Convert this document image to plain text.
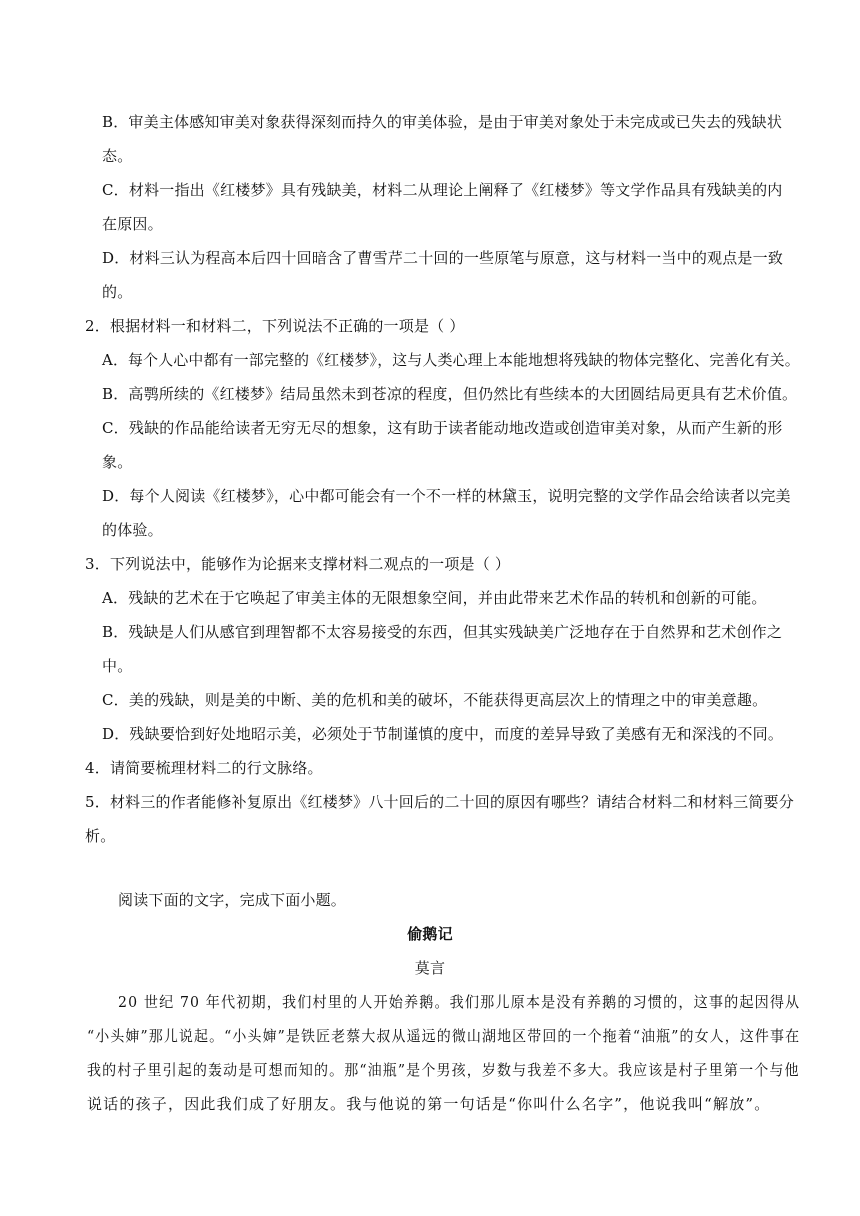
B．审美主体感知审美对象获得深刻而持久的审美体验，是由于审美对象处于未完成或已失去的残缺状
态。
C．材料一指出《红楼梦》具有残缺美，材料二从理论上阐释了《红楼梦》等文学作品具有残缺美的内
在原因。
D．材料三认为程高本后四十回暗含了曹雪芹二十回的一些原笔与原意，这与材料一当中的观点是一致
的。
2．根据材料一和材料二，下列说法不正确的一项是（ ）
A．每个人心中都有一部完整的《红楼梦》，这与人类心理上本能地想将残缺的物体完整化、完善化有关。
B．高鹗所续的《红楼梦》结局虽然未到苍凉的程度，但仍然比有些续本的大团圆结局更具有艺术价值。
C．残缺的作品能给读者无穷无尽的想象，这有助于读者能动地改造或创造审美对象，从而产生新的形
象。
D．每个人阅读《红楼梦》，心中都可能会有一个不一样的林黛玉，说明完整的文学作品会给读者以完美
的体验。
3．下列说法中，能够作为论据来支撑材料二观点的一项是（ ）
A．残缺的艺术在于它唤起了审美主体的无限想象空间，并由此带来艺术作品的转机和创新的可能。
B．残缺是人们从感官到理智都不太容易接受的东西，但其实残缺美广泛地存在于自然界和艺术创作之
中。
C．美的残缺，则是美的中断、美的危机和美的破坏，不能获得更高层次上的情理之中的审美意趣。
D．残缺要恰到好处地昭示美，必须处于节制谨慎的度中，而度的差异导致了美感有无和深浅的不同。
4．请简要梳理材料二的行文脉络。
5．材料三的作者能修补复原出《红楼梦》八十回后的二十回的原因有哪些？请结合材料二和材料三简要分
析。
阅读下面的文字，完成下面小题。
偷鹅记
莫言
20 世纪 70 年代初期，我们村里的人开始养鹅。我们那儿原本是没有养鹅的习惯的，这事的起因得从
“小头婶”那儿说起。“小头婶”是铁匠老蔡大叔从遥远的微山湖地区带回的一个拖着“油瓶”的女人，这件事在
我的村子里引起的轰动是可想而知的。那“油瓶”是个男孩，岁数与我差不多大。我应该是村子里第一个与他
说话的孩子，因此我们成了好朋友。我与他说的第一句话是“你叫什么名字”，他说我叫“解放”。
